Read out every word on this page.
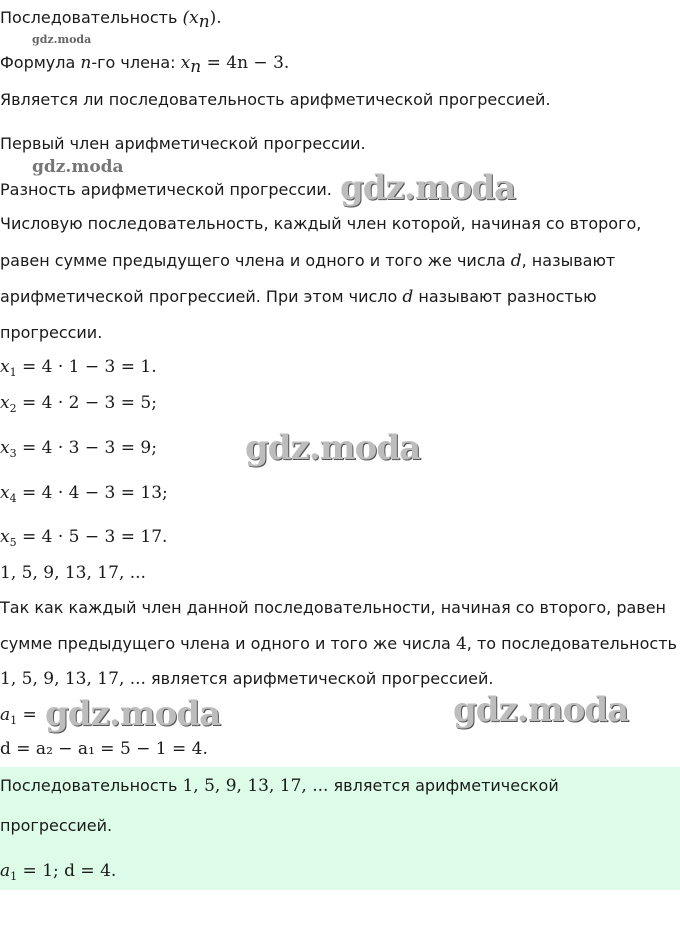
Последовательность $(x_n)$.
gdz.moda
Формула n-го члена: $x_n = 4n - 3$.
Является ли последовательность арифметической прогрессией.
Первый член арифметической прогрессии.
gdz.moda
Разность арифметической прогрессии. gdz.moda
Числовую последовательность, каждый член которой, начиная со второго,
равен сумме предыдущего члена и одного и того же числа d, называют
арифметической прогрессией. При этом число d называют разностью
прогрессии.
$x_1 = 4 \cdot 1 - 3 = 1$.
$x_2 = 4 \cdot 2 - 3 = 5$;
$x_3 = 4 \cdot 3 - 3 = 9$;	gdz.moda
$x_4 = 4 \cdot 4 - 3 = 13$;
$x_5 = 4 \cdot 5 - 3 = 17$.
1, 5, 9, 13, 17, ...
Так как каждый член данной последовательности, начиная со второго, равен
сумме предыдущего члена и одного и того же числа 4, то последовательность
1, 5, 9, 13, 17, ... является арифметической прогрессией.
$a_1$ = gdz.moda	gdz.moda
d = a₂ − a₁ = 5 − 1 = 4.
Последовательность 1, 5, 9, 13, 17, ... является арифметической
прогрессией.
$a_1 = 1$; d = 4.
